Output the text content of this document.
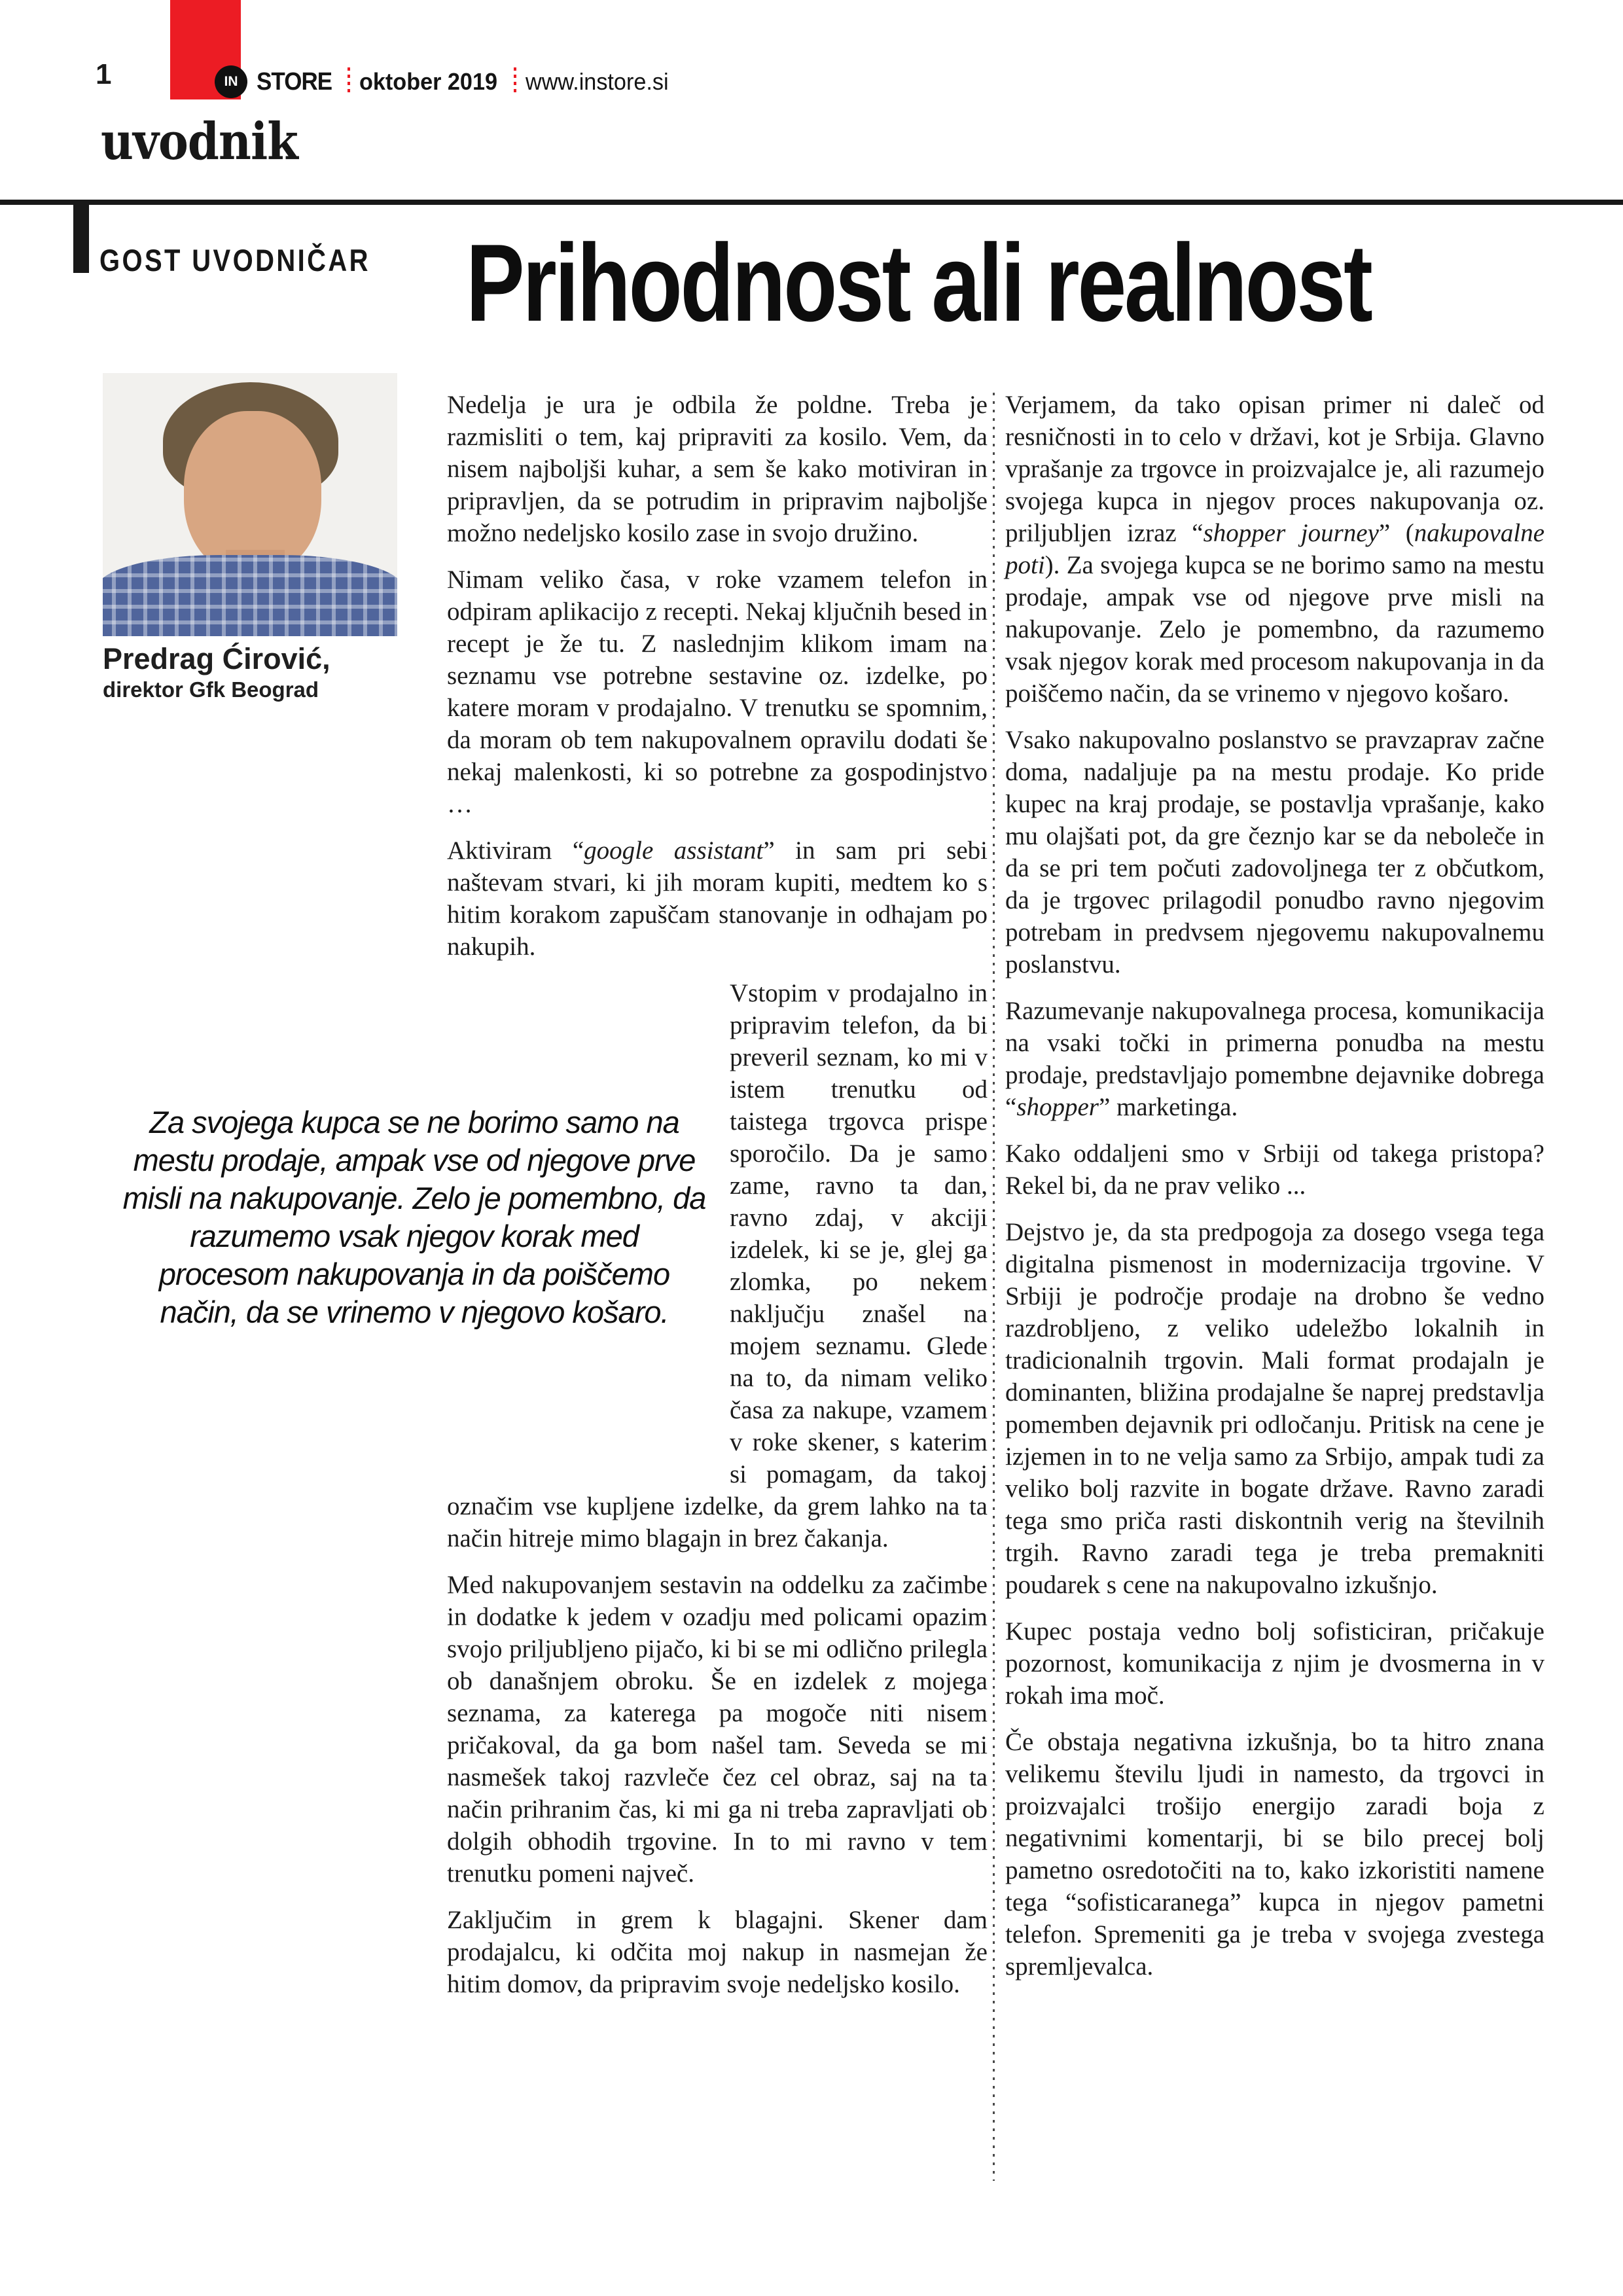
1	IN STORE oktober 2019 www.instore.si
uvodnik
GOST UVODNIČAR Prihodnost ali realnost
Predrag Ćirović,
direktor Gfk Beograd
Za svojega kupca se ne borimo samo na mestu prodaje, ampak vse od njegove prve misli na nakupovanje. Zelo je pomembno, da razumemo vsak njegov korak med procesom nakupovanja in da poiščemo način, da se vrinemo v njegovo košaro.

Nedelja je ura je odbila že poldne. Treba je razmisliti o tem, kaj pripraviti za kosilo. Vem, da nisem najboljši kuhar, a sem še kako motiviran in pripravljen, da se potrudim in pripravim najboljše možno nedeljsko kosilo zase in svojo družino.

Nimam veliko časa, v roke vzamem telefon in odpiram aplikacijo z recepti. Nekaj ključnih besed in recept je že tu. Z naslednjim klikom imam na seznamu vse potrebne sestavine oz. izdelke, po katere moram v prodajalno. V trenutku se spomnim, da moram ob tem nakupovalnem opravilu dodati še nekaj malenkosti, ki so potrebne za gospodinjstvo …

Aktiviram “google assistant” in sam pri sebi naštevam stvari, ki jih moram kupiti, medtem ko s hitim korakom zapuščam stanovanje in odhajam po nakupih.

Vstopim v prodajalno in pripravim telefon, da bi preveril seznam, ko mi v istem trenutku od taistega trgovca prispe sporočilo. Da je samo zame, ravno ta dan, ravno zdaj, v akciji izdelek, ki se je, glej ga zlomka, po nekem naključju znašel na mojem seznamu. Glede na to, da nimam veliko časa za nakupe, vzamem v roke skener, s katerim si pomagam, da takoj označim vse kupljene izdelke, da grem lahko na ta način hitreje mimo blagajn in brez čakanja.

Med nakupovanjem sestavin na oddelku za začimbe in dodatke k jedem v ozadju med policami opazim svojo priljubljeno pijačo, ki bi se mi odlično prilegla ob današnjem obroku. Še en izdelek z mojega seznama, za katerega pa mogoče niti nisem pričakoval, da ga bom našel tam. Seveda se mi nasmešek takoj razvleče čez cel obraz, saj na ta način prihranim čas, ki mi ga ni treba zapravljati ob dolgih obhodih trgovine. In to mi ravno v tem trenutku pomeni največ.

Zaključim in grem k blagajni. Skener dam prodajalcu, ki odčita moj nakup in nasmejan že hitim domov, da pripravim svoje nedeljsko kosilo.

Verjamem, da tako opisan primer ni daleč od resničnosti in to celo v državi, kot je Srbija. Glavno vprašanje za trgovce in proizvajalce je, ali razumejo svojega kupca in njegov proces nakupovanja oz. priljubljen izraz “shopper journey” (nakupovalne poti). Za svojega kupca se ne borimo samo na mestu prodaje, ampak vse od njegove prve misli na nakupovanje. Zelo je pomembno, da razumemo vsak njegov korak med procesom nakupovanja in da poiščemo način, da se vrinemo v njegovo košaro.

Vsako nakupovalno poslanstvo se pravzaprav začne doma, nadaljuje pa na mestu prodaje. Ko pride kupec na kraj prodaje, se postavlja vprašanje, kako mu olajšati pot, da gre čeznjo kar se da neboleče in da se pri tem počuti zadovoljnega ter z občutkom, da je trgovec prilagodil ponudbo ravno njegovim potrebam in predvsem njegovemu nakupovalnemu poslanstvu.

Razumevanje nakupovalnega procesa, komunikacija na vsaki točki in primerna ponudba na mestu prodaje, predstavljajo pomembne dejavnike dobrega “shopper” marketinga.

Kako oddaljeni smo v Srbiji od takega pristopa? Rekel bi, da ne prav veliko ...

Dejstvo je, da sta predpogoja za dosego vsega tega digitalna pismenost in modernizacija trgovine. V Srbiji je področje prodaje na drobno še vedno razdrobljeno, z veliko udeležbo lokalnih in tradicionalnih trgovin. Mali format prodajaln je dominanten, bližina prodajalne še naprej predstavlja pomemben dejavnik pri odločanju. Pritisk na cene je izjemen in to ne velja samo za Srbijo, ampak tudi za veliko bolj razvite in bogate države. Ravno zaradi tega smo priča rasti diskontnih verig na številnih trgih. Ravno zaradi tega je treba premakniti poudarek s cene na nakupovalno izkušnjo.

Kupec postaja vedno bolj sofisticiran, pričakuje pozornost, komunikacija z njim je dvosmerna in v rokah ima moč.

Če obstaja negativna izkušnja, bo ta hitro znana velikemu številu ljudi in namesto, da trgovci in proizvajalci trošijo energijo zaradi boja z negativnimi komentarji, bi se bilo precej bolj pametno osredotočiti na to, kako izkoristiti namene tega “sofisticaranega” kupca in njegov pametni telefon. Spremeniti ga je treba v svojega zvestega spremljevalca.
